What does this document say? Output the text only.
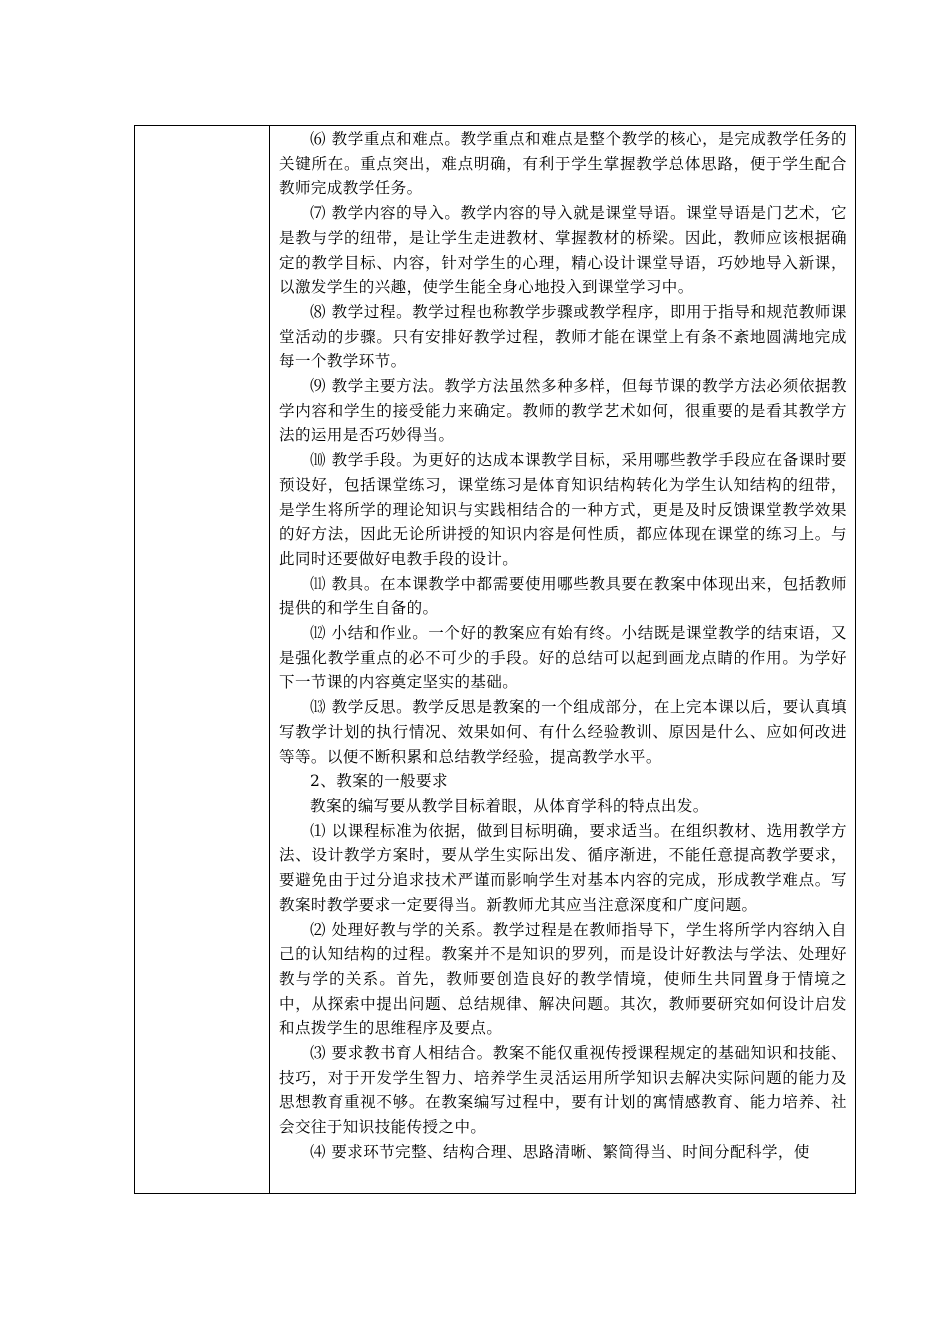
⑹ 教学重点和难点。教学重点和难点是整个教学的核心，是完成教学任务的关键所在。重点突出，难点明确，有利于学生掌握教学总体思路，便于学生配合教师完成教学任务。

⑺ 教学内容的导入。教学内容的导入就是课堂导语。课堂导语是门艺术，它是教与学的纽带，是让学生走进教材、掌握教材的桥梁。因此，教师应该根据确定的教学目标、内容，针对学生的心理，精心设计课堂导语，巧妙地导入新课，以激发学生的兴趣，使学生能全身心地投入到课堂学习中。

⑻ 教学过程。教学过程也称教学步骤或教学程序，即用于指导和规范教师课堂活动的步骤。只有安排好教学过程，教师才能在课堂上有条不紊地圆满地完成每一个教学环节。

⑼ 教学主要方法。教学方法虽然多种多样，但每节课的教学方法必须依据教学内容和学生的接受能力来确定。教师的教学艺术如何，很重要的是看其教学方法的运用是否巧妙得当。

⑽ 教学手段。为更好的达成本课教学目标，采用哪些教学手段应在备课时要预设好，包括课堂练习，课堂练习是体育知识结构转化为学生认知结构的纽带，是学生将所学的理论知识与实践相结合的一种方式，更是及时反馈课堂教学效果的好方法，因此无论所讲授的知识内容是何性质，都应体现在课堂的练习上。与此同时还要做好电教手段的设计。

⑾ 教具。在本课教学中都需要使用哪些教具要在教案中体现出来，包括教师提供的和学生自备的。

⑿ 小结和作业。一个好的教案应有始有终。小结既是课堂教学的结束语，又是强化教学重点的必不可少的手段。好的总结可以起到画龙点睛的作用。为学好下一节课的内容奠定坚实的基础。

⒀ 教学反思。教学反思是教案的一个组成部分，在上完本课以后，要认真填写教学计划的执行情况、效果如何、有什么经验教训、原因是什么、应如何改进等等。以便不断积累和总结教学经验，提高教学水平。

2、教案的一般要求

教案的编写要从教学目标着眼，从体育学科的特点出发。

⑴ 以课程标准为依据，做到目标明确，要求适当。在组织教材、选用教学方法、设计教学方案时，要从学生实际出发、循序渐进，不能任意提高教学要求，要避免由于过分追求技术严谨而影响学生对基本内容的完成，形成教学难点。写教案时教学要求一定要得当。新教师尤其应当注意深度和广度问题。

⑵ 处理好教与学的关系。教学过程是在教师指导下，学生将所学内容纳入自己的认知结构的过程。教案并不是知识的罗列，而是设计好教法与学法、处理好教与学的关系。首先，教师要创造良好的教学情境，使师生共同置身于情境之中，从探索中提出问题、总结规律、解决问题。其次，教师要研究如何设计启发和点拨学生的思维程序及要点。

⑶ 要求教书育人相结合。教案不能仅重视传授课程规定的基础知识和技能、技巧，对于开发学生智力、培养学生灵活运用所学知识去解决实际问题的能力及思想教育重视不够。在教案编写过程中，要有计划的寓情感教育、能力培养、社会交往于知识技能传授之中。

⑷ 要求环节完整、结构合理、思路清晰、繁简得当、时间分配科学，使
